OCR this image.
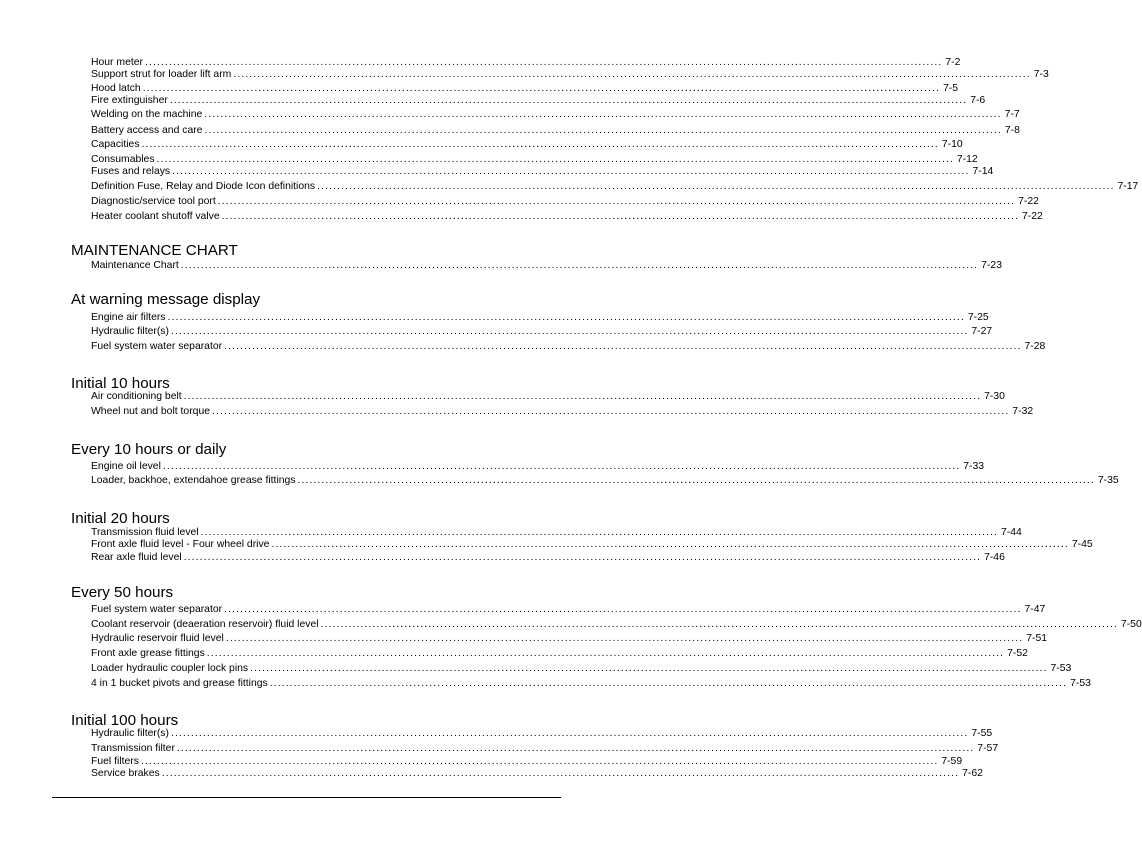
Hour meter ........................................................................................................................................................................................................ 7-2
Support strut for loader lift arm ........................................................................................................................................................................................................ 7-3
Hood latch ........................................................................................................................................................................................................ 7-5
Fire extinguisher ........................................................................................................................................................................................................ 7-6
Welding on the machine ........................................................................................................................................................................................................ 7-7
Battery access and care ........................................................................................................................................................................................................ 7-8
Capacities ........................................................................................................................................................................................................ 7-10
Consumables ........................................................................................................................................................................................................ 7-12
Fuses and relays ........................................................................................................................................................................................................ 7-14
Definition Fuse, Relay and Diode Icon definitions ........................................................................................................................................................................................................ 7-17
Diagnostic/service tool port ........................................................................................................................................................................................................ 7-22
Heater coolant shutoff valve ........................................................................................................................................................................................................ 7-22
MAINTENANCE CHART
Maintenance Chart ........................................................................................................................................................................................................ 7-23
At warning message display
Engine air filters ........................................................................................................................................................................................................ 7-25
Hydraulic filter(s) ........................................................................................................................................................................................................ 7-27
Fuel system water separator ........................................................................................................................................................................................................ 7-28
Initial 10 hours
Air conditioning belt ........................................................................................................................................................................................................ 7-30
Wheel nut and bolt torque ........................................................................................................................................................................................................ 7-32
Every 10 hours or daily
Engine oil level ........................................................................................................................................................................................................ 7-33
Loader, backhoe, extendahoe grease fittings ........................................................................................................................................................................................................ 7-35
Initial 20 hours
Transmission fluid level ........................................................................................................................................................................................................ 7-44
Front axle fluid level - Four wheel drive ........................................................................................................................................................................................................ 7-45
Rear axle fluid level ........................................................................................................................................................................................................ 7-46
Every 50 hours
Fuel system water separator ........................................................................................................................................................................................................ 7-47
Coolant reservoir (deaeration reservoir) fluid level ........................................................................................................................................................................................................ 7-50
Hydraulic reservoir fluid level ........................................................................................................................................................................................................ 7-51
Front axle grease fittings ........................................................................................................................................................................................................ 7-52
Loader hydraulic coupler lock pins ........................................................................................................................................................................................................ 7-53
4 in 1 bucket pivots and grease fittings ........................................................................................................................................................................................................ 7-53
Initial 100 hours
Hydraulic filter(s) ........................................................................................................................................................................................................ 7-55
Transmission filter ........................................................................................................................................................................................................ 7-57
Fuel filters ........................................................................................................................................................................................................ 7-59
Service brakes ........................................................................................................................................................................................................ 7-62
